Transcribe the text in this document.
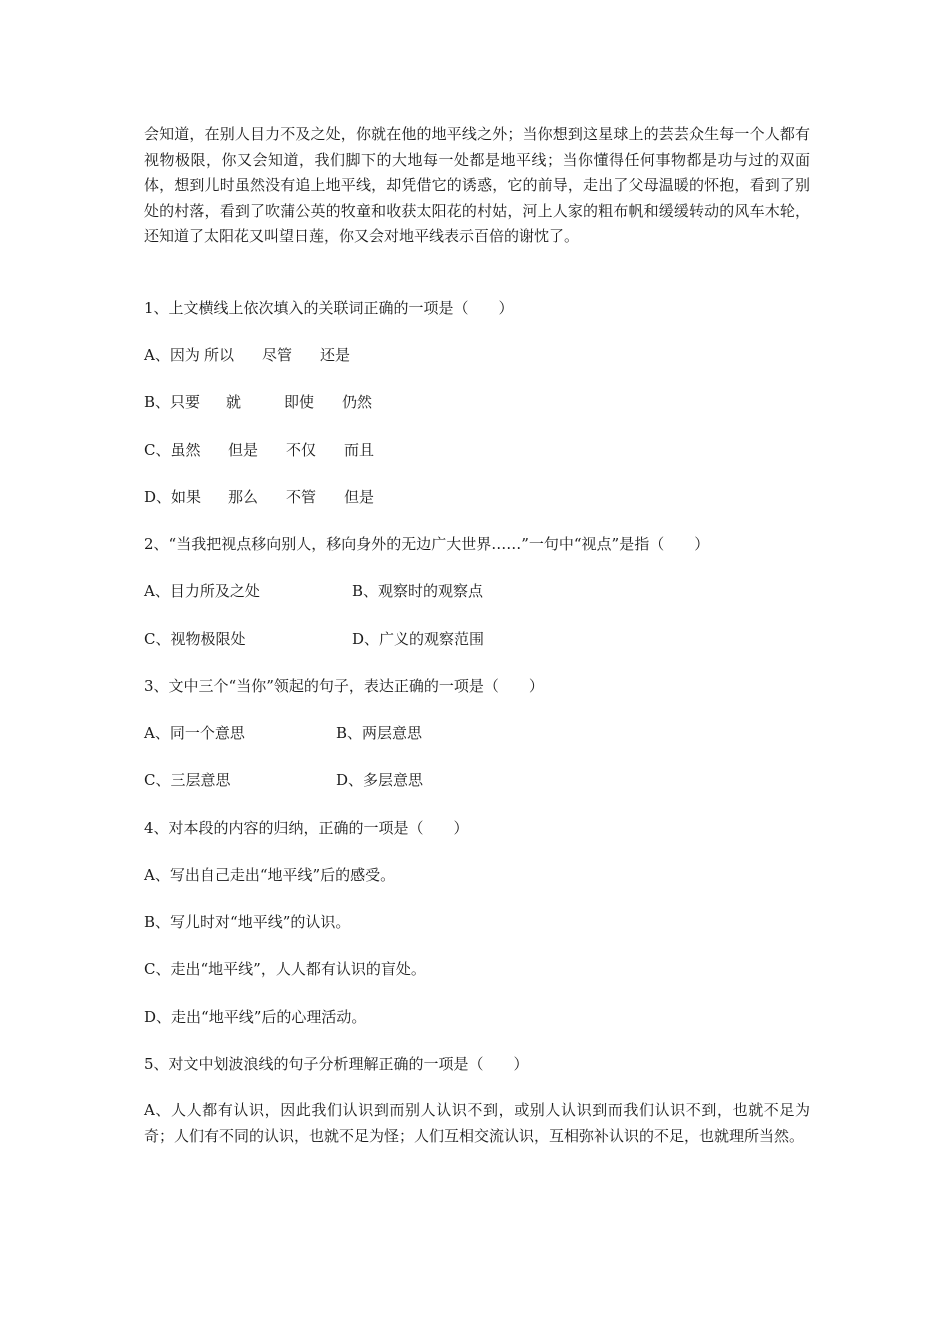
会知道，在别人目力不及之处，你就在他的地平线之外；当你想到这星球上的芸芸众生每一个人都有视物极限，你又会知道，我们脚下的大地每一处都是地平线；当你懂得任何事物都是功与过的双面体，想到儿时虽然没有追上地平线，却凭借它的诱惑，它的前导，走出了父母温暖的怀抱，看到了别处的村落，看到了吹蒲公英的牧童和收获太阳花的村姑，河上人家的粗布帆和缓缓转动的风车木轮，还知道了太阳花又叫望日莲，你又会对地平线表示百倍的谢忱了。

1、上文横线上依次填入的关联词正确的一项是（　　）

A、因为 所以 尽管 还是

B、只要 就	即使 仍然

C、虽然 但是 不仅 而且

D、如果 那么 不管 但是

2、“当我把视点移向别人，移向身外的无边广大世界……”一句中“视点”是指（　　）

A、目力所及之处	B、观察时的观察点

C、视物极限处	D、广义的观察范围

3、文中三个“当你”领起的句子，表达正确的一项是（　　）

A、同一个意思	B、两层意思

C、三层意思	D、多层意思

4、对本段的内容的归纳，正确的一项是（　　）

A、写出自己走出“地平线”后的感受。

B、写儿时对“地平线”的认识。

C、走出“地平线”，人人都有认识的盲处。

D、走出“地平线”后的心理活动。

5、对文中划波浪线的句子分析理解正确的一项是（　　）

A、人人都有认识，因此我们认识到而别人认识不到，或别人认识到而我们认识不到，也就不足为奇；人们有不同的认识，也就不足为怪；人们互相交流认识，互相弥补认识的不足，也就理所当然。
